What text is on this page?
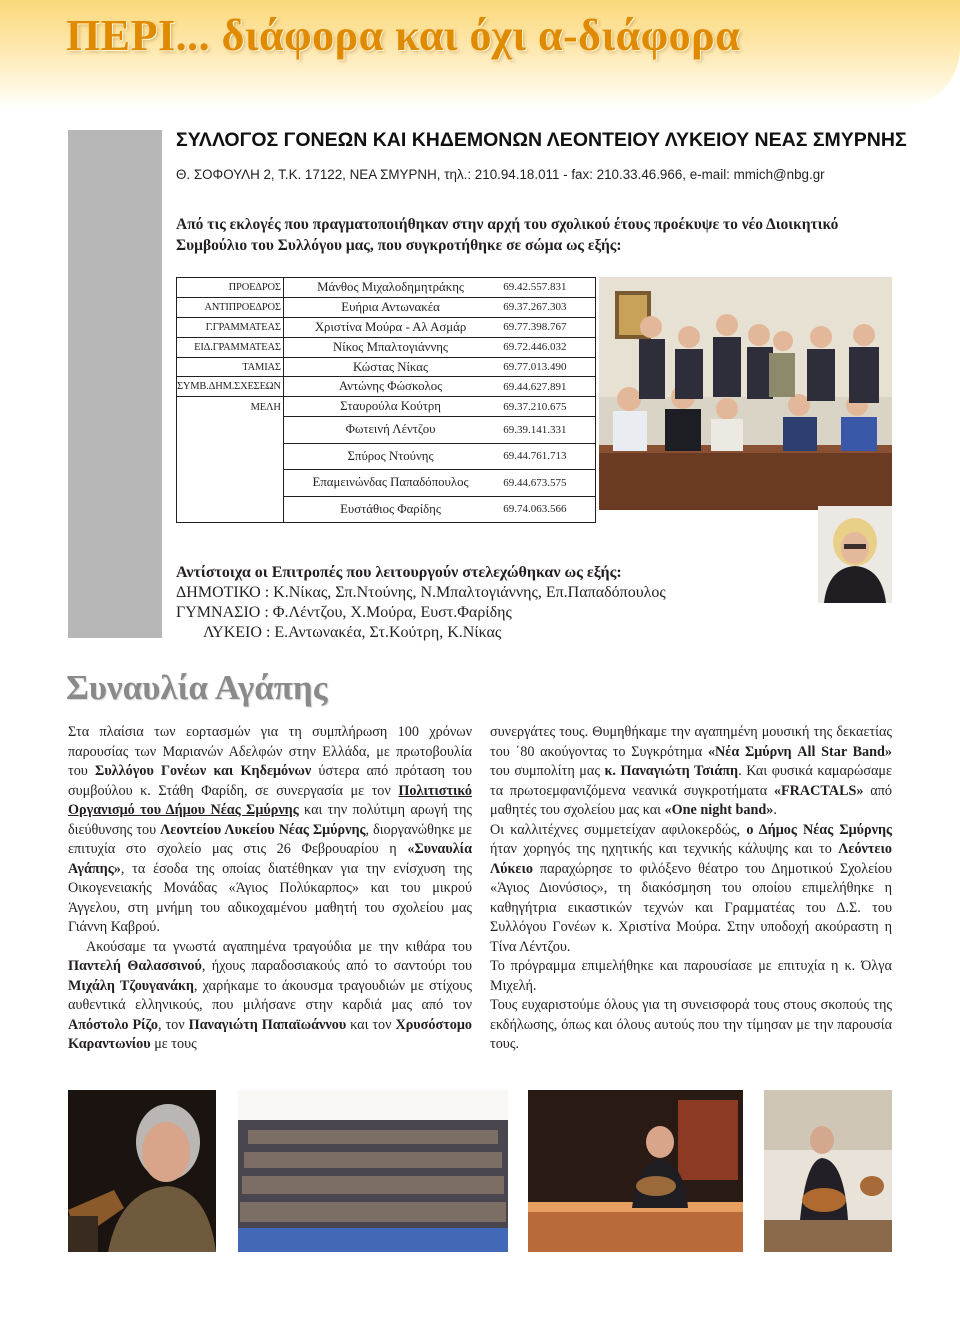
ΠΕΡΙ... διάφορα και όχι α-διάφορα
ΣΥΛΛΟΓΟΣ ΓΟΝΕΩΝ ΚΑΙ ΚΗΔΕΜΟΝΩΝ ΛΕΟΝΤΕΙΟΥ ΛΥΚΕΙΟΥ ΝΕΑΣ ΣΜΥΡΝΗΣ
Θ. ΣΟΦΟΥΛΗ 2, Τ.Κ. 17122, ΝΕΑ ΣΜΥΡΝΗ, τηλ.: 210.94.18.011 - fax: 210.33.46.966, e-mail: mmich@nbg.gr
Από τις εκλογές που πραγματοποιήθηκαν στην αρχή του σχολικού έτους προέκυψε το νέο Διοικητικό Συμβούλιο του Συλλόγου μας, που συγκροτήθηκε σε σώμα ως εξής:
ΠΡΟΕΔΡΟΣ	Μάνθος Μιχαλοδημητράκης	69.42.557.831
ΑΝΤΙΠΡΟΕΔΡΟΣ	Ευήρια Αντωνακέα	69.37.267.303
Γ.ΓΡΑΜΜΑΤΕΑΣ	Χριστίνα Μούρα - Αλ Ασμάρ	69.77.398.767
ΕΙΔ.ΓΡΑΜΜΑΤΕΑΣ	Νίκος Μπαλτογιάννης	69.72.446.032
ΤΑΜΙΑΣ	Κώστας Νίκας	69.77.013.490
ΣΥΜΒ.ΔΗΜ.ΣΧΕΣΕΩΝ	Αντώνης Φώσκολος	69.44.627.891
ΜΕΛΗ	Σταυρούλα Κούτρη	69.37.210.675
	Φωτεινή Λέντζου	69.39.141.331
	Σπύρος Ντούνης	69.44.761.713
	Επαμεινώνδας Παπαδόπουλος	69.44.673.575
	Ευστάθιος Φαρίδης	69.74.063.566
Αντίστοιχα οι Επιτροπές που λειτουργούν στελεχώθηκαν ως εξής:
ΔΗΜΟΤΙΚΟ : Κ.Νίκας, Σπ.Ντούνης, Ν.Μπαλτογιάννης, Επ.Παπαδόπουλος
ΓΥΜΝΑΣΙΟ : Φ.Λέντζου, Χ.Μούρα, Ευστ.Φαρίδης
ΛΥΚΕΙΟ : Ε.Αντωνακέα, Στ.Κούτρη, Κ.Νίκας
Συναυλία Αγάπης

Στα πλαίσια των εορτασμών για τη συμπλήρωση 100 χρόνων παρουσίας των Μαριανών Αδελφών στην Ελλάδα, με πρωτοβουλία του Συλλόγου Γονέων και Κηδεμόνων ύστερα από πρόταση του συμβούλου κ. Στάθη Φαρίδη, σε συνεργασία με τον Πολιτιστικό Οργανισμό του Δήμου Νέας Σμύρνης και την πολύτιμη αρωγή της διεύθυνσης του Λεοντείου Λυκείου Νέας Σμύρνης, διοργανώθηκε με επιτυχία στο σχολείο μας στις 26 Φεβρουαρίου η «Συναυλία Αγάπης», τα έσοδα της οποίας διατέθηκαν για την ενίσχυση της Οικογενειακής Μονάδας «Άγιος Πολύκαρπος» και του μικρού Άγγελου, στη μνήμη του αδικοχαμένου μαθητή του σχολείου μας Γιάννη Καβρού.

Ακούσαμε τα γνωστά αγαπημένα τραγούδια με την κιθάρα του Παντελή Θαλασσινού, ήχους παραδοσιακούς από το σαντούρι του Μιχάλη Τζουγανάκη, χαρήκαμε το άκουσμα τραγουδιών με στίχους αυθεντικά ελληνικούς, που μιλήσανε στην καρδιά μας από τον Απόστολο Ρίζο, τον Παναγιώτη Παπαϊωάννου και τον Χρυσόστομο Καραντωνίου με τους

συνεργάτες τους. Θυμηθήκαμε την αγαπημένη μουσική της δεκαετίας του ΄80 ακούγοντας το Συγκρότημα «Νέα Σμύρνη All Star Band» του συμπολίτη μας κ. Παναγιώτη Τσιάπη. Και φυσικά καμαρώσαμε τα πρωτοεμφανιζόμενα νεανικά συγκροτήματα «FRACTALS» από μαθητές του σχολείου μας και «One night band».

Οι καλλιτέχνες συμμετείχαν αφιλοκερδώς, ο Δήμος Νέας Σμύρνης ήταν χορηγός της ηχητικής και τεχνικής κάλυψης και το Λεόντειο Λύκειο παραχώρησε το φιλόξενο θέατρο του Δημοτικού Σχολείου «Άγιος Διονύσιος», τη διακόσμηση του οποίου επιμελήθηκε η καθηγήτρια εικαστικών τεχνών και Γραμματέας του Δ.Σ. του Συλλόγου Γονέων κ. Χριστίνα Μούρα. Στην υποδοχή ακούραστη η Τίνα Λέντζου.

Το πρόγραμμα επιμελήθηκε και παρουσίασε με επιτυχία η κ. Όλγα Μιχελή.

Τους ευχαριστούμε όλους για τη συνεισφορά τους στους σκοπούς της εκδήλωσης, όπως και όλους αυτούς που την τίμησαν με την παρουσία τους.
